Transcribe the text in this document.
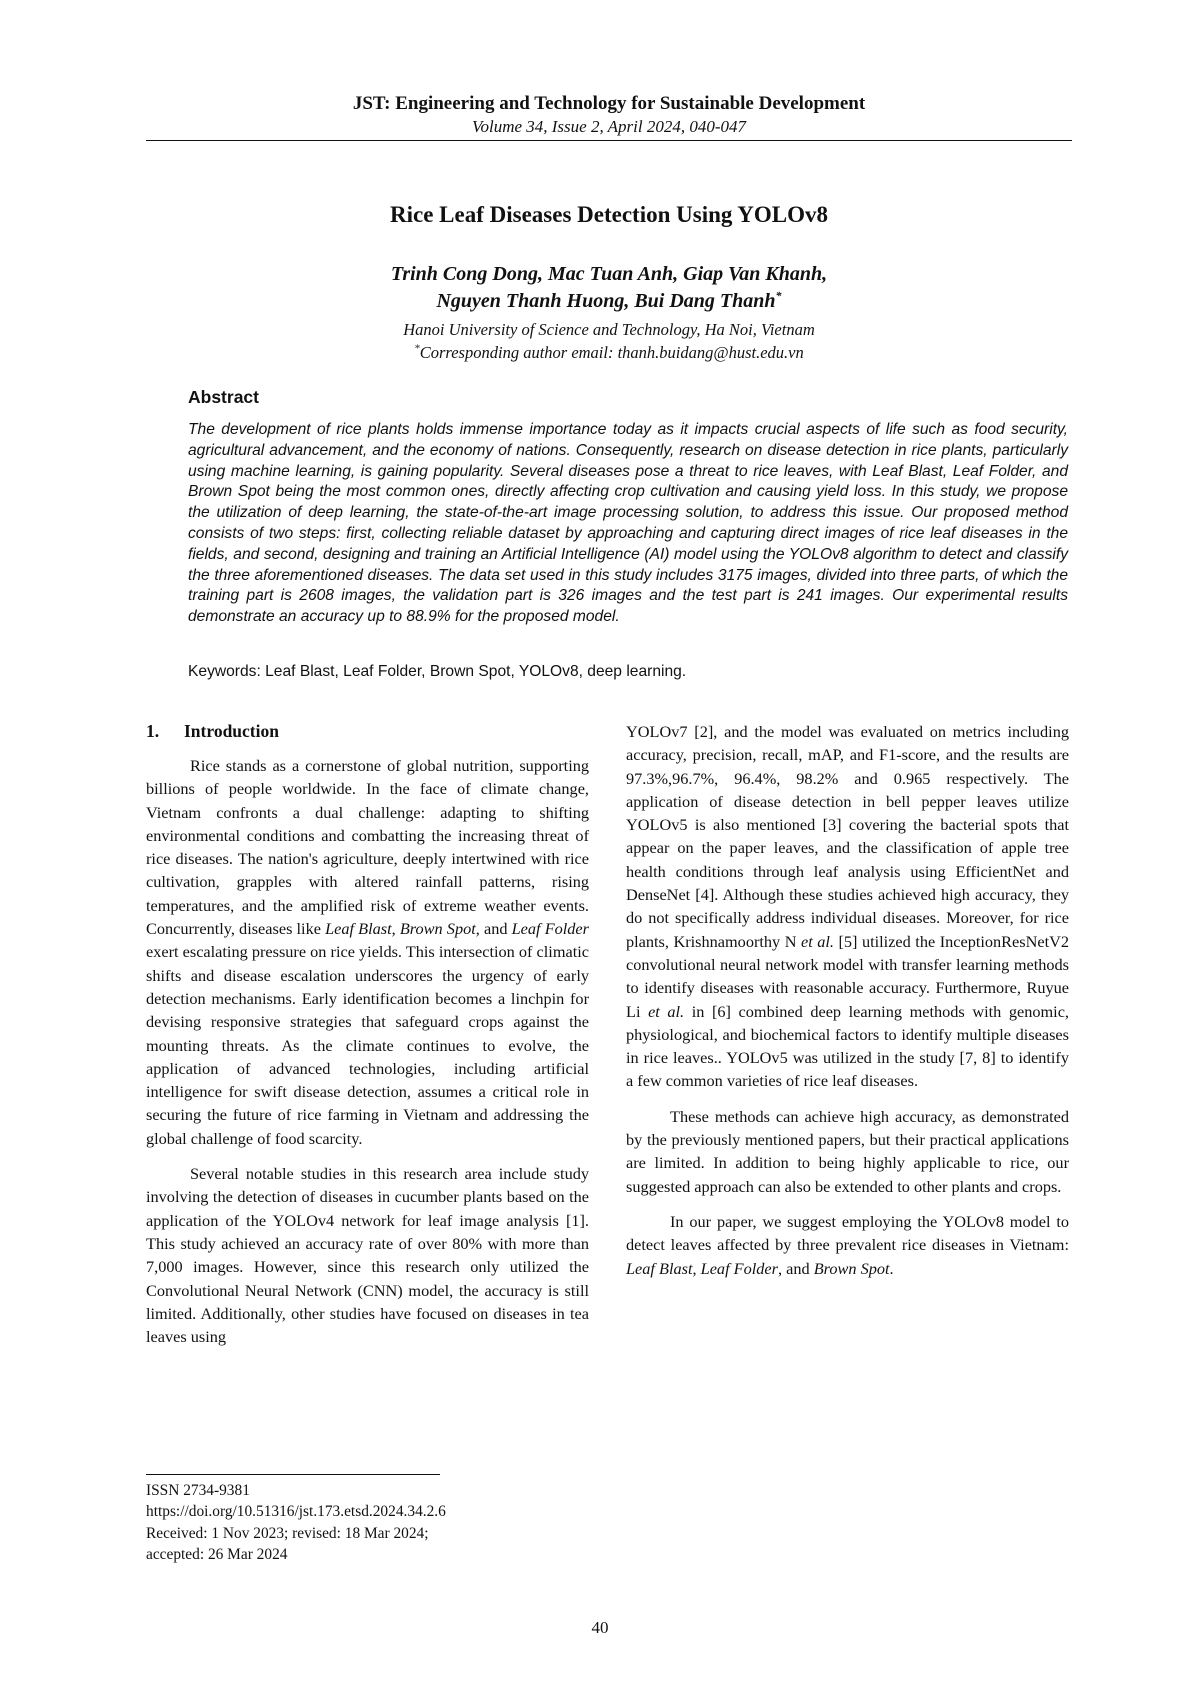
JST: Engineering and Technology for Sustainable Development
Volume 34, Issue 2, April 2024, 040-047
Rice Leaf Diseases Detection Using YOLOv8
Trinh Cong Dong, Mac Tuan Anh, Giap Van Khanh,
Nguyen Thanh Huong, Bui Dang Thanh*
Hanoi University of Science and Technology, Ha Noi, Vietnam
*Corresponding author email: thanh.buidang@hust.edu.vn
Abstract

The development of rice plants holds immense importance today as it impacts crucial aspects of life such as food security, agricultural advancement, and the economy of nations. Consequently, research on disease detection in rice plants, particularly using machine learning, is gaining popularity. Several diseases pose a threat to rice leaves, with Leaf Blast, Leaf Folder, and Brown Spot being the most common ones, directly affecting crop cultivation and causing yield loss. In this study, we propose the utilization of deep learning, the state-of-the-art image processing solution, to address this issue. Our proposed method consists of two steps: first, collecting reliable dataset by approaching and capturing direct images of rice leaf diseases in the fields, and second, designing and training an Artificial Intelligence (AI) model using the YOLOv8 algorithm to detect and classify the three aforementioned diseases. The data set used in this study includes 3175 images, divided into three parts, of which the training part is 2608 images, the validation part is 326 images and the test part is 241 images. Our experimental results demonstrate an accuracy up to 88.9% for the proposed model.

Keywords: Leaf Blast, Leaf Folder, Brown Spot, YOLOv8, deep learning.
1. Introduction

Rice stands as a cornerstone of global nutrition, supporting billions of people worldwide. In the face of climate change, Vietnam confronts a dual challenge: adapting to shifting environmental conditions and combatting the increasing threat of rice diseases. The nation's agriculture, deeply intertwined with rice cultivation, grapples with altered rainfall patterns, rising temperatures, and the amplified risk of extreme weather events. Concurrently, diseases like Leaf Blast, Brown Spot, and Leaf Folder exert escalating pressure on rice yields. This intersection of climatic shifts and disease escalation underscores the urgency of early detection mechanisms. Early identification becomes a linchpin for devising responsive strategies that safeguard crops against the mounting threats. As the climate continues to evolve, the application of advanced technologies, including artificial intelligence for swift disease detection, assumes a critical role in securing the future of rice farming in Vietnam and addressing the global challenge of food scarcity.

Several notable studies in this research area include study involving the detection of diseases in cucumber plants based on the application of the YOLOv4 network for leaf image analysis [1]. This study achieved an accuracy rate of over 80% with more than 7,000 images. However, since this research only utilized the Convolutional Neural Network (CNN) model, the accuracy is still limited. Additionally, other studies have focused on diseases in tea leaves using

YOLOv7 [2], and the model was evaluated on metrics including accuracy, precision, recall, mAP, and F1-score, and the results are 97.3%,96.7%, 96.4%, 98.2% and 0.965 respectively. The application of disease detection in bell pepper leaves utilize YOLOv5 is also mentioned [3] covering the bacterial spots that appear on the paper leaves, and the classification of apple tree health conditions through leaf analysis using EfficientNet and DenseNet [4]. Although these studies achieved high accuracy, they do not specifically address individual diseases. Moreover, for rice plants, Krishnamoorthy N et al. [5] utilized the InceptionResNetV2 convolutional neural network model with transfer learning methods to identify diseases with reasonable accuracy. Furthermore, Ruyue Li et al. in [6] combined deep learning methods with genomic, physiological, and biochemical factors to identify multiple diseases in rice leaves.. YOLOv5 was utilized in the study [7, 8] to identify a few common varieties of rice leaf diseases.

These methods can achieve high accuracy, as demonstrated by the previously mentioned papers, but their practical applications are limited. In addition to being highly applicable to rice, our suggested approach can also be extended to other plants and crops.

In our paper, we suggest employing the YOLOv8 model to detect leaves affected by three prevalent rice diseases in Vietnam: Leaf Blast, Leaf Folder, and Brown Spot.

ISSN 2734-9381
https://doi.org/10.51316/jst.173.etsd.2024.34.2.6
Received: 1 Nov 2023; revised: 18 Mar 2024;
accepted: 26 Mar 2024
40
